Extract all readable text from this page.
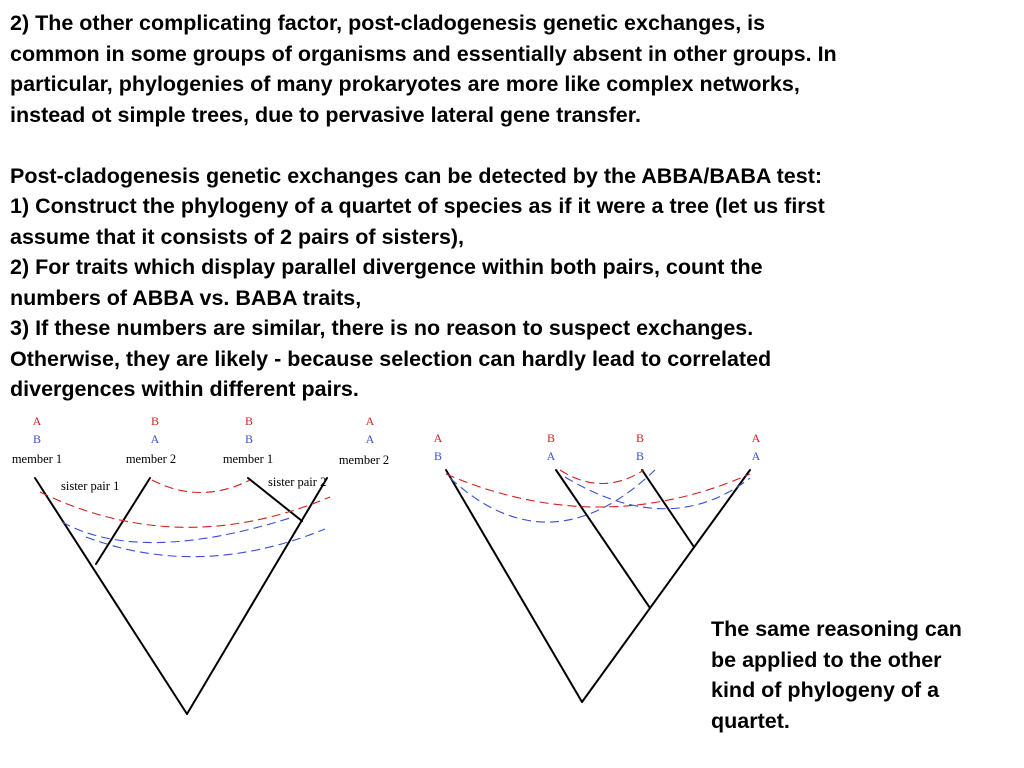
2) The other complicating factor, post-cladogenesis genetic exchanges, is
common in some groups of organisms and essentially absent in other groups. In
particular, phylogenies of many prokaryotes are more like complex networks,
instead ot simple trees, due to pervasive lateral gene transfer.
Post-cladogenesis genetic exchanges can be detected by the ABBA/BABA test:
1) Construct the phylogeny of a quartet of species as if it were a tree (let us first
assume that it consists of 2 pairs of sisters),
2) For traits which display parallel divergence within both pairs, count the
numbers of ABBA vs. BABA traits,
3) If these numbers are similar, there is no reason to suspect exchanges.
Otherwise, they are likely - because selection can hardly lead to correlated
divergences within different pairs.
A
B
member 1
B
A
member 2
B
B
member 1
A
A
member 2
sister pair 1	sister pair 2
A
B
B
A
B
B
A
A
The same reasoning can
be applied to the other
kind of phylogeny of a
quartet.
